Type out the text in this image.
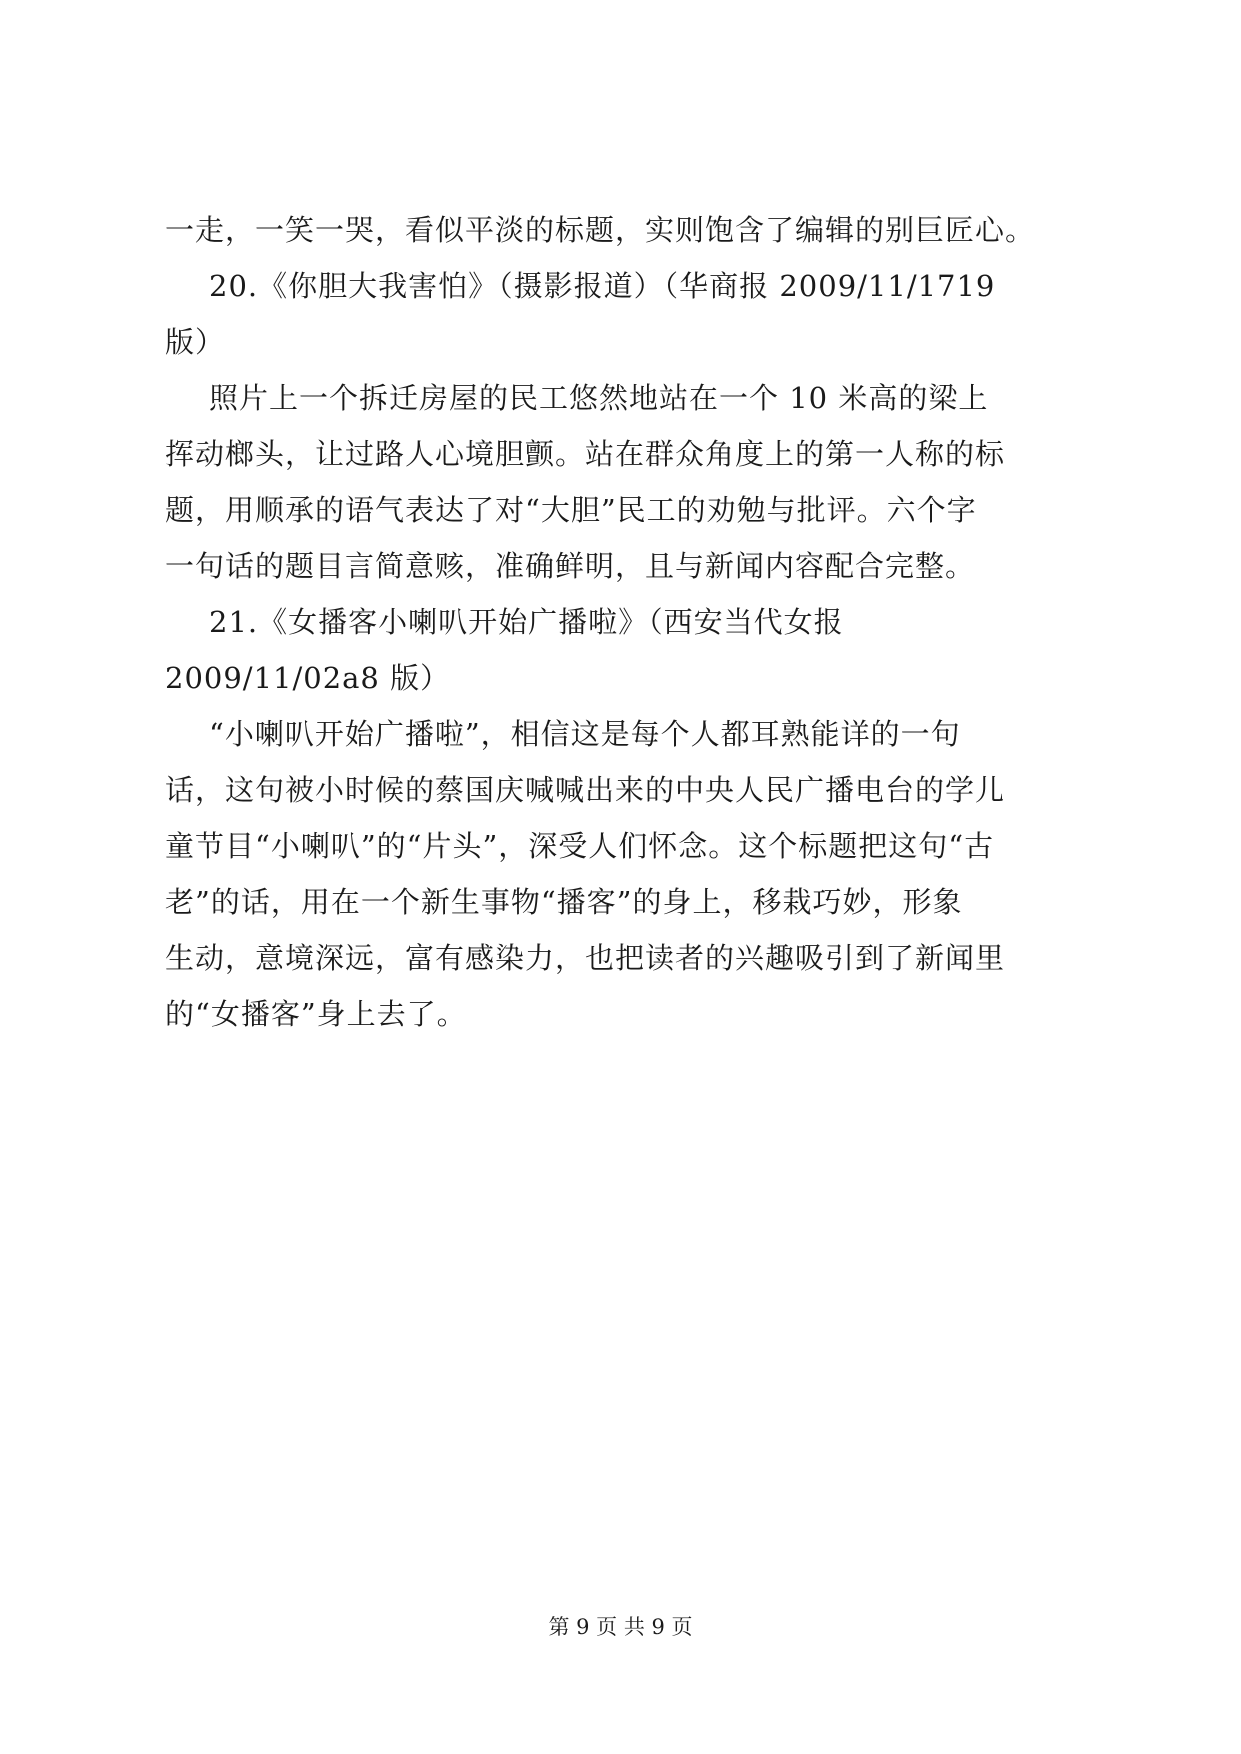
一走，一笑一哭，看似平淡的标题，实则饱含了编辑的别巨匠心。
20.《你胆大我害怕》（摄影报道）（华商报 2009/11/1719
版）
照片上一个拆迁房屋的民工悠然地站在一个 10 米高的梁上
挥动榔头，让过路人心境胆颤。站在群众角度上的第一人称的标
题，用顺承的语气表达了对“大胆”民工的劝勉与批评。六个字
一句话的题目言简意赅，准确鲜明，且与新闻内容配合完整。
21.《女播客小喇叭开始广播啦》（西安当代女报
2009/11/02a8 版）
“小喇叭开始广播啦”，相信这是每个人都耳熟能详的一句
话，这句被小时候的蔡国庆喊喊出来的中央人民广播电台的学儿
童节目“小喇叭”的“片头”，深受人们怀念。这个标题把这句“古
老”的话，用在一个新生事物“播客”的身上，移栽巧妙，形象
生动，意境深远，富有感染力，也把读者的兴趣吸引到了新闻里
的“女播客”身上去了。
第 9 页 共 9 页
